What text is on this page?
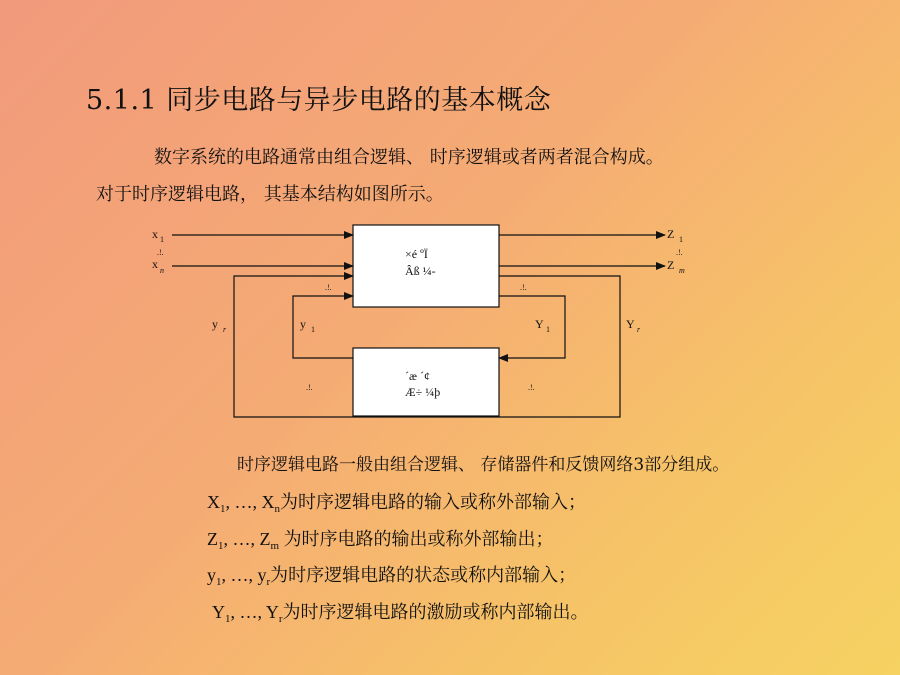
5.1.1 同步电路与异步电路的基本概念
数字系统的电路通常由组合逻辑、 时序逻辑或者两者混合构成。
对于时序逻辑电路， 其基本结构如图所示。
×é ºÏ
Âß ¼-
´æ ´¢
Æ÷ ¼þ
x 1
.!.
x n
Z 1
.!.
Z m
.!.	.!.
.!.	.!.
y r	y 1	Y 1	Y r
时序逻辑电路一般由组合逻辑、 存储器件和反馈网络3部分组成。
$X_1$, …, $X_n$为时序逻辑电路的输入或称外部输入；
$Z_1$, …, $Z_m$ 为时序电路的输出或称外部输出；
$y_1$, …, $y_r$为时序逻辑电路的状态或称内部输入；
$Y_1$, …, $Y_r$为时序逻辑电路的激励或称内部输出。
